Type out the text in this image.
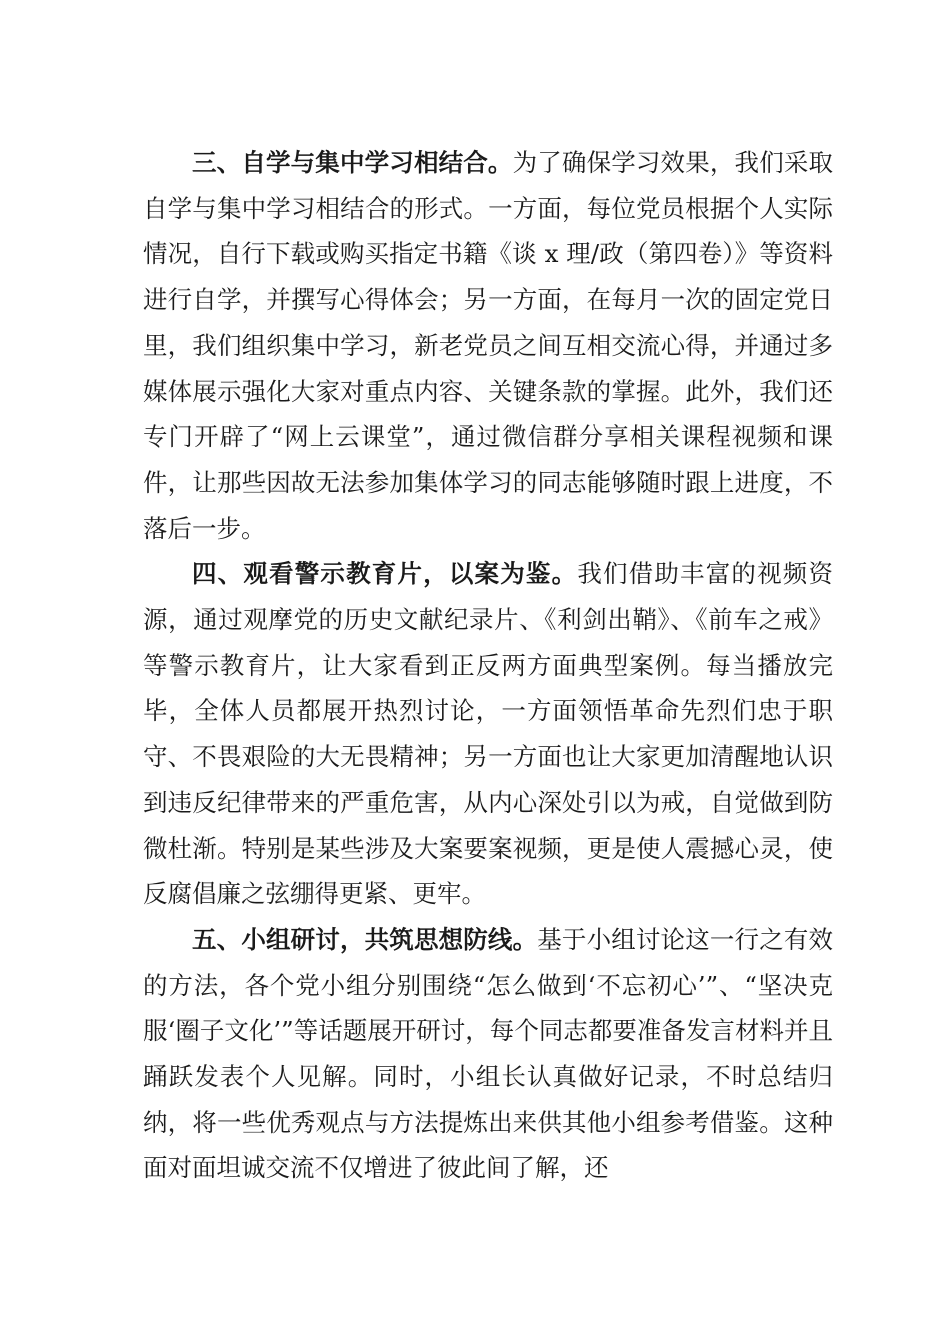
三、自学与集中学习相结合。为了确保学习效果，我们采取自学与集中学习相结合的形式。一方面，每位党员根据个人实际情况，自行下载或购买指定书籍《谈 x 理/政（第四卷）》等资料进行自学，并撰写心得体会；另一方面，在每月一次的固定党日里，我们组织集中学习，新老党员之间互相交流心得，并通过多媒体展示强化大家对重点内容、关键条款的掌握。此外，我们还专门开辟了“网上云课堂”，通过微信群分享相关课程视频和课件，让那些因故无法参加集体学习的同志能够随时跟上进度，不落后一步。

四、观看警示教育片，以案为鉴。我们借助丰富的视频资源，通过观摩党的历史文献纪录片、《利剑出鞘》、《前车之戒》等警示教育片，让大家看到正反两方面典型案例。每当播放完毕，全体人员都展开热烈讨论，一方面领悟革命先烈们忠于职守、不畏艰险的大无畏精神；另一方面也让大家更加清醒地认识到违反纪律带来的严重危害，从内心深处引以为戒，自觉做到防微杜渐。特别是某些涉及大案要案视频，更是使人震撼心灵，使反腐倡廉之弦绷得更紧、更牢。

五、小组研讨，共筑思想防线。基于小组讨论这一行之有效的方法，各个党小组分别围绕“怎么做到‘不忘初心’”、“坚决克服‘圈子文化’”等话题展开研讨，每个同志都要准备发言材料并且踊跃发表个人见解。同时，小组长认真做好记录，不时总结归纳，将一些优秀观点与方法提炼出来供其他小组参考借鉴。这种面对面坦诚交流不仅增进了彼此间了解，还
